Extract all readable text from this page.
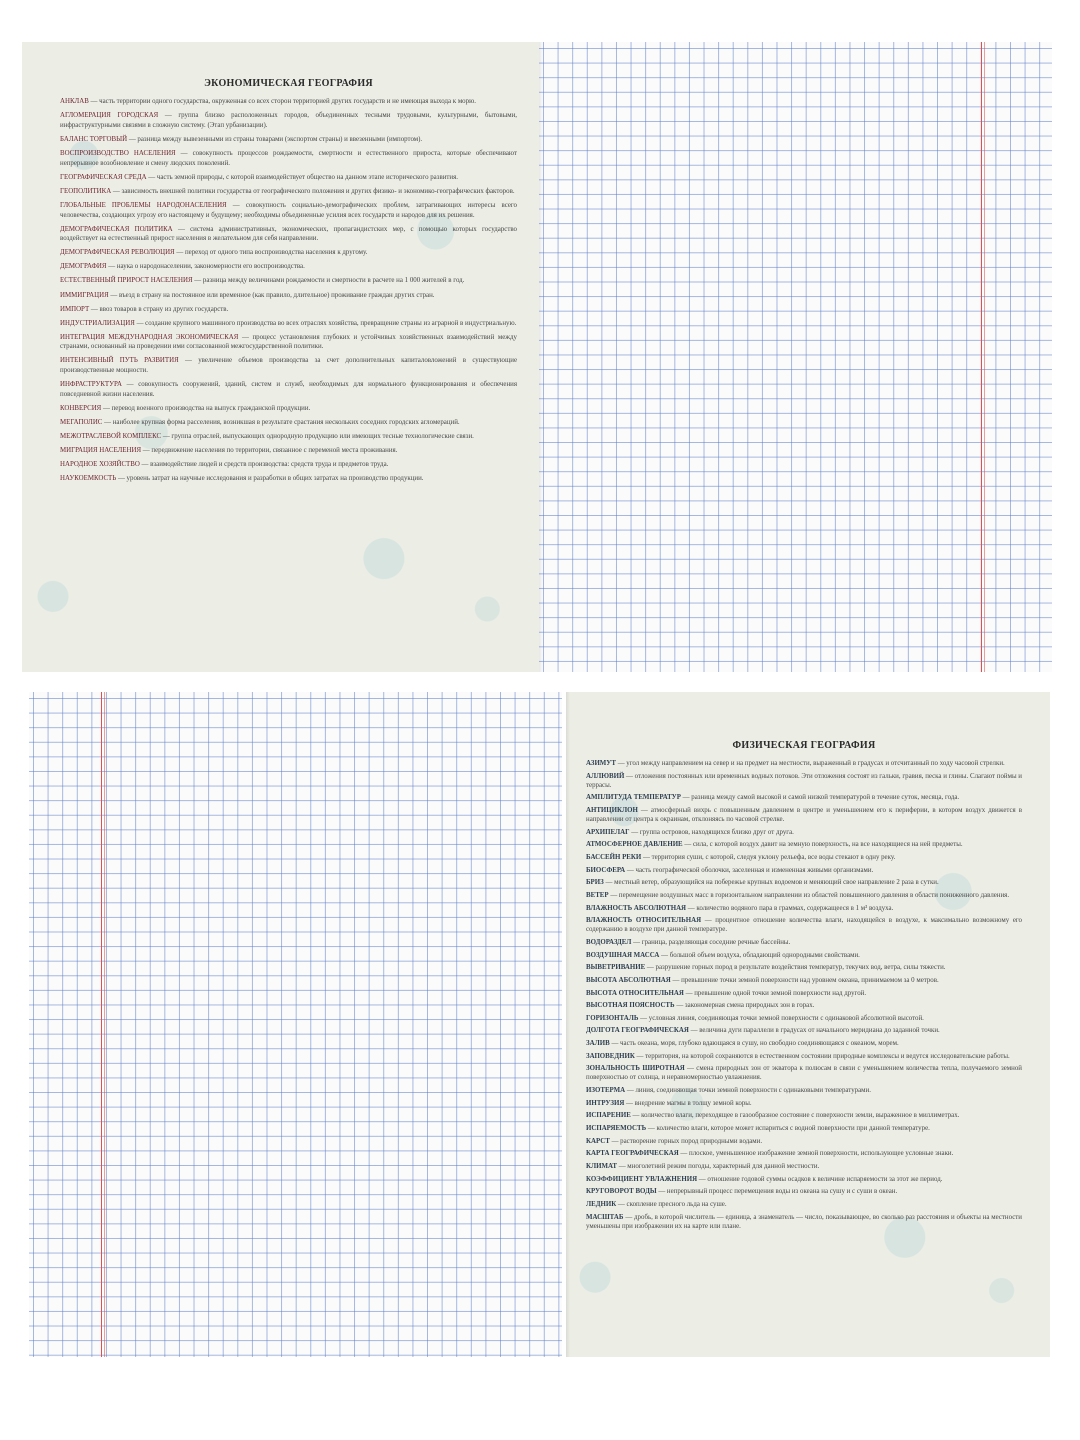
ЭКОНОМИЧЕСКАЯ ГЕОГРАФИЯ
АНКЛАВ — часть территории одного государства, окруженная со всех сторон территорией других государств и не имеющая выхода к морю.
АГЛОМЕРАЦИЯ ГОРОДСКАЯ — группа близко расположенных городов, объединенных тесными трудовыми, культурными, бытовыми, инфраструктурными связями в сложную систему. (Этап урбанизации).
БАЛАНС ТОРГОВЫЙ — разница между вывезенными из страны товарами (экспортом страны) и ввезенными (импортом).
ВОСПРОИЗВОДСТВО НАСЕЛЕНИЯ — совокупность процессов рождаемости, смертности и естественного прироста, которые обеспечивают непрерывное возобновление и смену людских поколений.
ГЕОГРАФИЧЕСКАЯ СРЕДА — часть земной природы, с которой взаимодействует общество на данном этапе исторического развития.
ГЕОПОЛИТИКА — зависимость внешней политики государства от географического положения и других физико- и экономико-географических факторов.
ГЛОБАЛЬНЫЕ ПРОБЛЕМЫ НАРОДОНАСЕЛЕНИЯ — совокупность социально-демографических проблем, затрагивающих интересы всего человечества, создающих угрозу его настоящему и будущему; необходимы объединенные усилия всех государств и народов для их решения.
ДЕМОГРАФИЧЕСКАЯ ПОЛИТИКА — система административных, экономических, пропагандистских мер, с помощью которых государство воздействует на естественный прирост населения в желательном для себя направлении.
ДЕМОГРАФИЧЕСКАЯ РЕВОЛЮЦИЯ — переход от одного типа воспроизводства населения к другому.
ДЕМОГРАФИЯ — наука о народонаселении, закономерности его воспроизводства.
ЕСТЕСТВЕННЫЙ ПРИРОСТ НАСЕЛЕНИЯ — разница между величинами рождаемости и смертности в расчете на 1 000 жителей в год.
ИММИГРАЦИЯ — въезд в страну на постоянное или временное (как правило, длительное) проживание граждан других стран.
ИМПОРТ — ввоз товаров в страну из других государств.
ИНДУСТРИАЛИЗАЦИЯ — создание крупного машинного производства во всех отраслях хозяйства, превращение страны из аграрной в индустриальную.
ИНТЕГРАЦИЯ МЕЖДУНАРОДНАЯ ЭКОНОМИЧЕСКАЯ — процесс установления глубоких и устойчивых хозяйственных взаимодействий между странами, основанный на проведении ими согласованной межгосударственной политики.
ИНТЕНСИВНЫЙ ПУТЬ РАЗВИТИЯ — увеличение объемов производства за счет дополнительных капиталовложений в существующие производственные мощности.
ИНФРАСТРУКТУРА — совокупность сооружений, зданий, систем и служб, необходимых для нормального функционирования и обеспечения повседневной жизни населения.
КОНВЕРСИЯ — перевод военного производства на выпуск гражданской продукции.
МЕГАПОЛИС — наиболее крупная форма расселения, возникшая в результате срастания нескольких соседних городских агломераций.
МЕЖОТРАСЛЕВОЙ КОМПЛЕКС — группа отраслей, выпускающих однородную продукцию или имеющих тесные технологические связи.
МИГРАЦИЯ НАСЕЛЕНИЯ — передвижение населения по территории, связанное с переменой места проживания.
НАРОДНОЕ ХОЗЯЙСТВО — взаимодействие людей и средств производства: средств труда и предметов труда.
НАУКОЕМКОСТЬ — уровень затрат на научные исследования и разработки в общих затратах на производство продукции.
ФИЗИЧЕСКАЯ ГЕОГРАФИЯ
АЗИМУТ — угол между направлением на север и на предмет на местности, выраженный в градусах и отсчитанный по ходу часовой стрелки.
АЛЛЮВИЙ — отложения постоянных или временных водных потоков. Эти отложения состоят из гальки, гравия, песка и глины. Слагают поймы и террасы.
АМПЛИТУДА ТЕМПЕРАТУР — разница между самой высокой и самой низкой температурой в течение суток, месяца, года.
АНТИЦИКЛОН — атмосферный вихрь с повышенным давлением в центре и уменьшением его к периферии, в котором воздух движется в направлении от центра к окраинам, отклоняясь по часовой стрелке.
АРХИПЕЛАГ — группа островов, находящихся близко друг от друга.
АТМОСФЕРНОЕ ДАВЛЕНИЕ — сила, с которой воздух давит на земную поверхность, на все находящиеся на ней предметы.
БАССЕЙН РЕКИ — территория суши, с которой, следуя уклону рельефа, все воды стекают в одну реку.
БИОСФЕРА — часть географической оболочки, заселенная и измененная живыми организмами.
БРИЗ — местный ветер, образующийся на побережье крупных водоемов и меняющий свое направление 2 раза в сутки.
ВЕТЕР — перемещение воздушных масс в горизонтальном направлении из областей повышенного давления в области пониженного давления.
ВЛАЖНОСТЬ АБСОЛЮТНАЯ — количество водяного пара в граммах, содержащееся в 1 м³ воздуха.
ВЛАЖНОСТЬ ОТНОСИТЕЛЬНАЯ — процентное отношение количества влаги, находящейся в воздухе, к максимально возможному его содержанию в воздухе при данной температуре.
ВОДОРАЗДЕЛ — граница, разделяющая соседние речные бассейны.
ВОЗДУШНАЯ МАССА — большой объем воздуха, обладающий однородными свойствами.
ВЫВЕТРИВАНИЕ — разрушение горных пород в результате воздействия температур, текучих вод, ветра, силы тяжести.
ВЫСОТА АБСОЛЮТНАЯ — превышение точки земной поверхности над уровнем океана, принимаемом за 0 метров.
ВЫСОТА ОТНОСИТЕЛЬНАЯ — превышение одной точки земной поверхности над другой.
ВЫСОТНАЯ ПОЯСНОСТЬ — закономерная смена природных зон в горах.
ГОРИЗОНТАЛЬ — условная линия, соединяющая точки земной поверхности с одинаковой абсолютной высотой.
ДОЛГОТА ГЕОГРАФИЧЕСКАЯ — величина дуги параллели в градусах от начального меридиана до заданной точки.
ЗАЛИВ — часть океана, моря, глубоко вдающаяся в сушу, но свободно соединяющаяся с океаном, морем.
ЗАПОВЕДНИК — территория, на которой сохраняются в естественном состоянии природные комплексы и ведутся исследовательские работы.
ЗОНАЛЬНОСТЬ ШИРОТНАЯ — смена природных зон от экватора к полюсам в связи с уменьшением количества тепла, получаемого земной поверхностью от солнца, и неравномерностью увлажнения.
ИЗОТЕРМА — линия, соединяющая точки земной поверхности с одинаковыми температурами.
ИНТРУЗИЯ — внедрение магмы в толщу земной коры.
ИСПАРЕНИЕ — количество влаги, переходящее в газообразное состояние с поверхности земли, выраженное в миллиметрах.
ИСПАРЯЕМОСТЬ — количество влаги, которое может испариться с водной поверхности при данной температуре.
КАРСТ — растворение горных пород природными водами.
КАРТА ГЕОГРАФИЧЕСКАЯ — плоское, уменьшенное изображение земной поверхности, использующее условные знаки.
КЛИМАТ — многолетний режим погоды, характерный для данной местности.
КОЭФФИЦИЕНТ УВЛАЖНЕНИЯ — отношение годовой суммы осадков к величине испаряемости за этот же период.
КРУГОВОРОТ ВОДЫ — непрерывный процесс перемещения воды из океана на сушу и с суши в океан.
ЛЕДНИК — скопление пресного льда на суше.
МАСШТАБ — дробь, в которой числитель — единица, а знаменатель — число, показывающее, во сколько раз расстояния и объекты на местности уменьшены при изображении их на карте или плане.
